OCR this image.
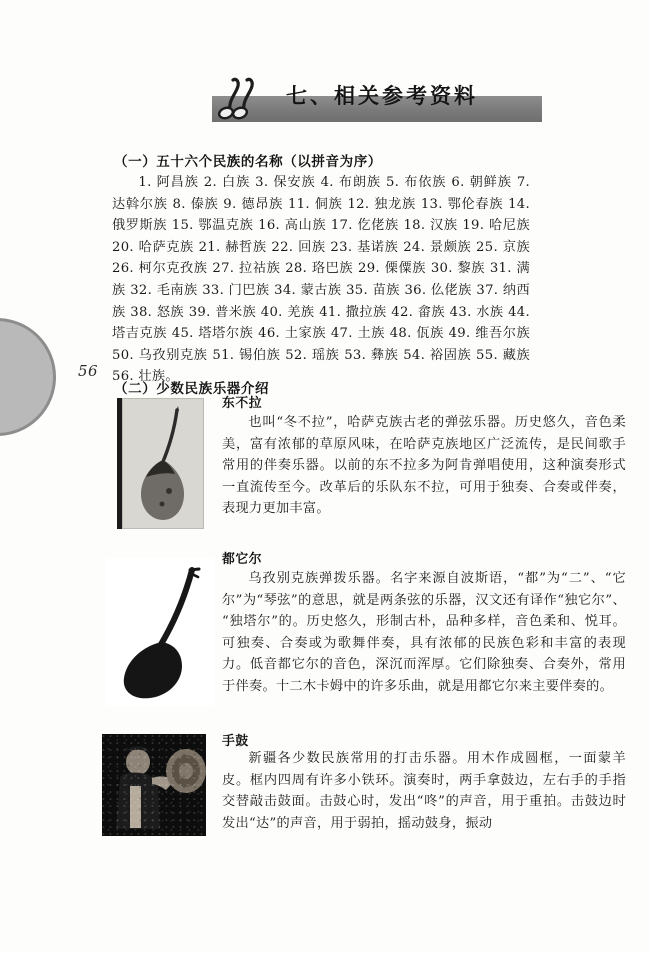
56
七、相关参考资料
（一）五十六个民族的名称（以拼音为序）

1. 阿昌族 2. 白族 3. 保安族 4. 布朗族 5. 布依族 6. 朝鲜族 7. 达斡尔族 8. 傣族 9. 德昂族 11. 侗族 12. 独龙族 13. 鄂伦春族 14. 俄罗斯族 15. 鄂温克族 16. 高山族 17. 仡佬族 18. 汉族 19. 哈尼族 20. 哈萨克族 21. 赫哲族 22. 回族 23. 基诺族 24. 景颇族 25. 京族 26. 柯尔克孜族 27. 拉祜族 28. 珞巴族 29. 傈僳族 30. 黎族 31. 满族 32. 毛南族 33. 门巴族 34. 蒙古族 35. 苗族 36. 仫佬族 37. 纳西族 38. 怒族 39. 普米族 40. 羌族 41. 撒拉族 42. 畲族 43. 水族 44. 塔吉克族 45. 塔塔尔族 46. 土家族 47. 土族 48. 佤族 49. 维吾尔族50. 乌孜别克族 51. 锡伯族 52. 瑶族 53. 彝族 54. 裕固族 55. 藏族 56. 壮族。

（二）少数民族乐器介绍
东不拉

也叫“冬不拉”，哈萨克族古老的弹弦乐器。历史悠久，音色柔美，富有浓郁的草原风味，在哈萨克族地区广泛流传，是民间歌手常用的伴奏乐器。以前的东不拉多为阿肯弹唱使用，这种演奏形式一直流传至今。改革后的乐队东不拉，可用于独奏、合奏或伴奏，表现力更加丰富。

都它尔

乌孜别克族弹拨乐器。名字来源自波斯语，“都”为“二”、“它尔”为“琴弦”的意思，就是两条弦的乐器，汉文还有译作“独它尔”、“独塔尔”的。历史悠久，形制古朴，品种多样，音色柔和、悦耳。可独奏、合奏或为歌舞伴奏，具有浓郁的民族色彩和丰富的表现力。低音都它尔的音色，深沉而浑厚。它们除独奏、合奏外，常用于伴奏。十二木卡姆中的许多乐曲，就是用都它尔来主要伴奏的。

手鼓

新疆各少数民族常用的打击乐器。用木作成圆框，一面蒙羊皮。框内四周有许多小铁环。演奏时，两手拿鼓边，左右手的手指交替敲击鼓面。击鼓心时，发出“咚”的声音，用于重拍。击鼓边时发出“达”的声音，用于弱拍，摇动鼓身，振动
